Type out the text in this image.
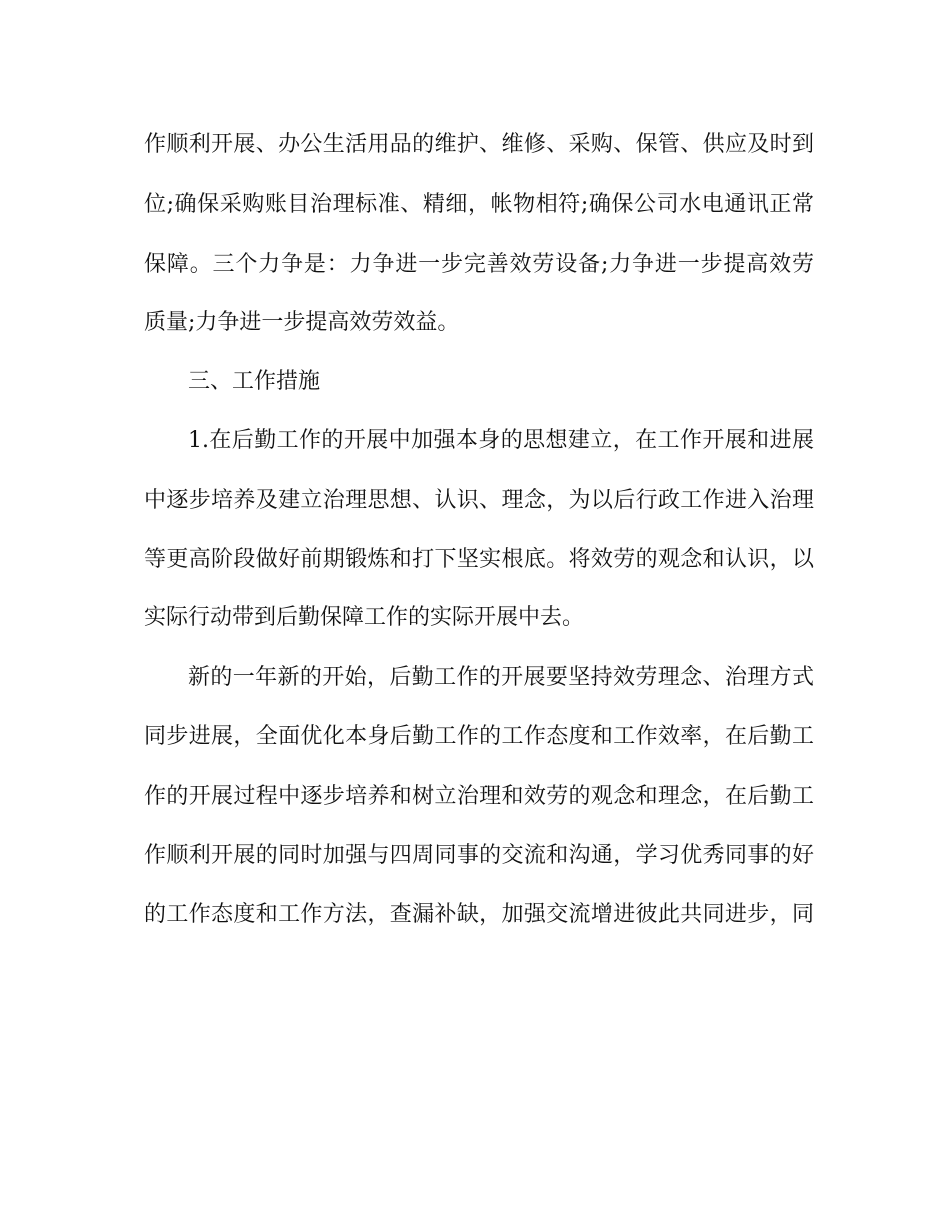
作顺利开展、办公生活用品的维护、维修、采购、保管、供应及时到
位;确保采购账目治理标准、精细，帐物相符;确保公司水电通讯正常
保障。三个力争是：力争进一步完善效劳设备;力争进一步提高效劳
质量;力争进一步提高效劳效益。
三、工作措施
1.在后勤工作的开展中加强本身的思想建立，在工作开展和进展
中逐步培养及建立治理思想、认识、理念，为以后行政工作进入治理
等更高阶段做好前期锻炼和打下坚实根底。将效劳的观念和认识，以
实际行动带到后勤保障工作的实际开展中去。
新的一年新的开始，后勤工作的开展要坚持效劳理念、治理方式
同步进展，全面优化本身后勤工作的工作态度和工作效率，在后勤工
作的开展过程中逐步培养和树立治理和效劳的观念和理念，在后勤工
作顺利开展的同时加强与四周同事的交流和沟通，学习优秀同事的好
的工作态度和工作方法，查漏补缺，加强交流增进彼此共同进步，同
